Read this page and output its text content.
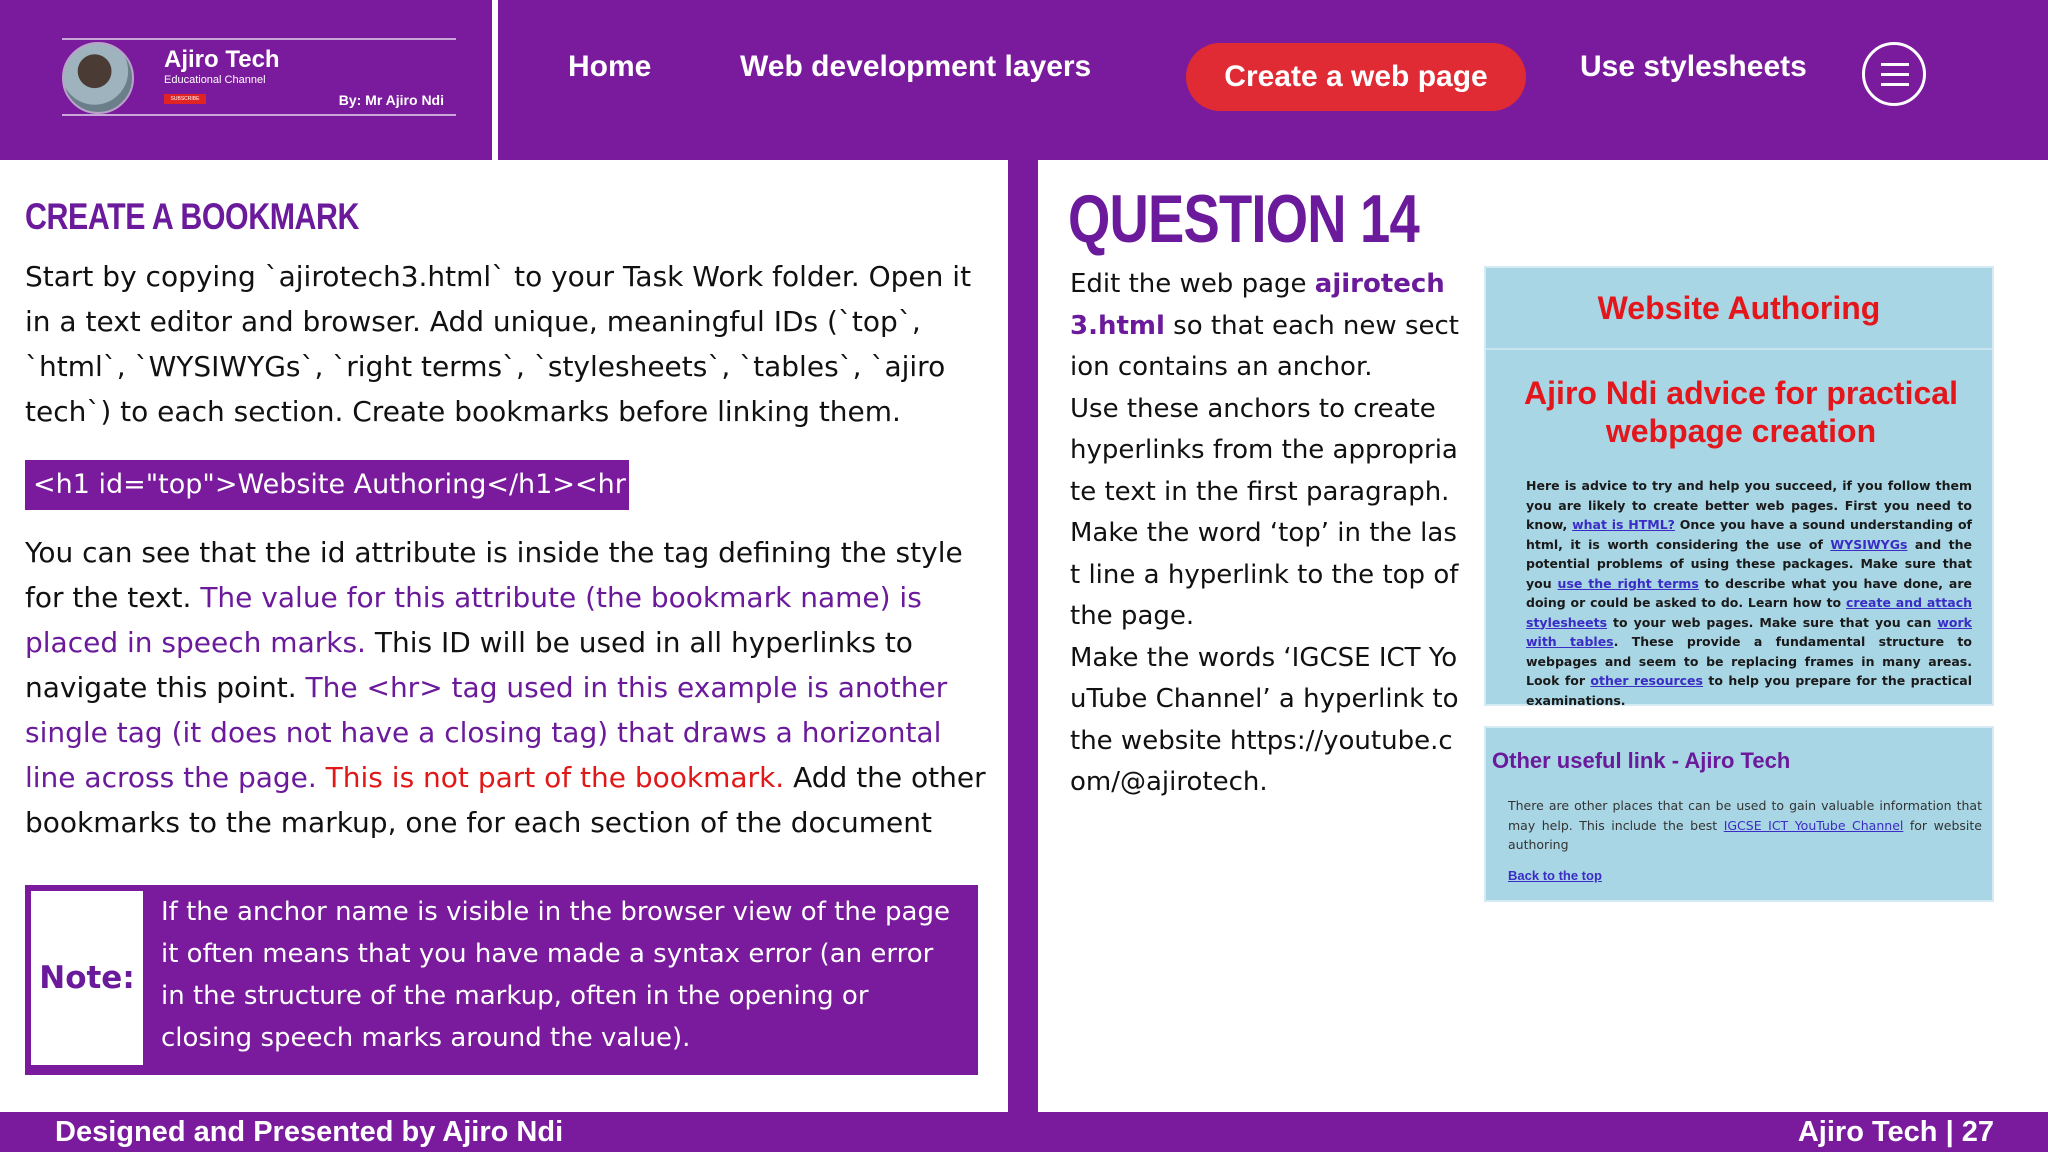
Ajiro Tech
Educational Channel
SUBSCRIBE	By: Mr Ajiro Ndi
Home	Web development layers	Create a web page	Use stylesheets
CREATE A BOOKMARK
Start by copying `ajirotech3.html` to your Task Work folder. Open it in a text editor and browser. Add unique, meaningful IDs (`top`, `html`, `WYSIWYGs`, `right terms`, `stylesheets`, `tables`, `ajiro tech`) to each section. Create bookmarks before linking them.
<h1 id="top">Website Authoring</h1><hr
You can see that the id attribute is inside the tag defining the style for the text. The value for this attribute (the bookmark name) is placed in speech marks. This ID will be used in all hyperlinks to navigate this point. The <hr> tag used in this example is another single tag (it does not have a closing tag) that draws a horizontal line across the page. This is not part of the bookmark. Add the other bookmarks to the markup, one for each section of the document
Note:
If the anchor name is visible in the browser view of the page it often means that you have made a syntax error (an error in the structure of the markup, often in the opening or closing speech marks around the value).
QUESTION 14
Edit the web page ajirotech3.html so that each new section contains an anchor.
Use these anchors to create hyperlinks from the appropriate text in the first paragraph. Make the word ‘top’ in the last line a hyperlink to the top of the page.
Make the words ‘IGCSE ICT YouTube Channel’ a hyperlink to the website https://youtube.com/@ajirotech.
Website Authoring
Ajiro Ndi advice for practical webpage creation
Here is advice to try and help you succeed, if you follow them you are likely to create better web pages. First you need to know, what is HTML? Once you have a sound understanding of html, it is worth considering the use of WYSIWYGs and the potential problems of using these packages. Make sure that you use the right terms to describe what you have done, are doing or could be asked to do. Learn how to create and attach stylesheets to your web pages. Make sure that you can work with tables. These provide a fundamental structure to webpages and seem to be replacing frames in many areas. Look for other resources to help you prepare for the practical examinations.
Other useful link - Ajiro Tech
There are other places that can be used to gain valuable information that may help. This include the best IGCSE ICT YouTube Channel for website authoring
Back to the top
Designed and Presented by Ajiro Ndi	Ajiro Tech | 27
